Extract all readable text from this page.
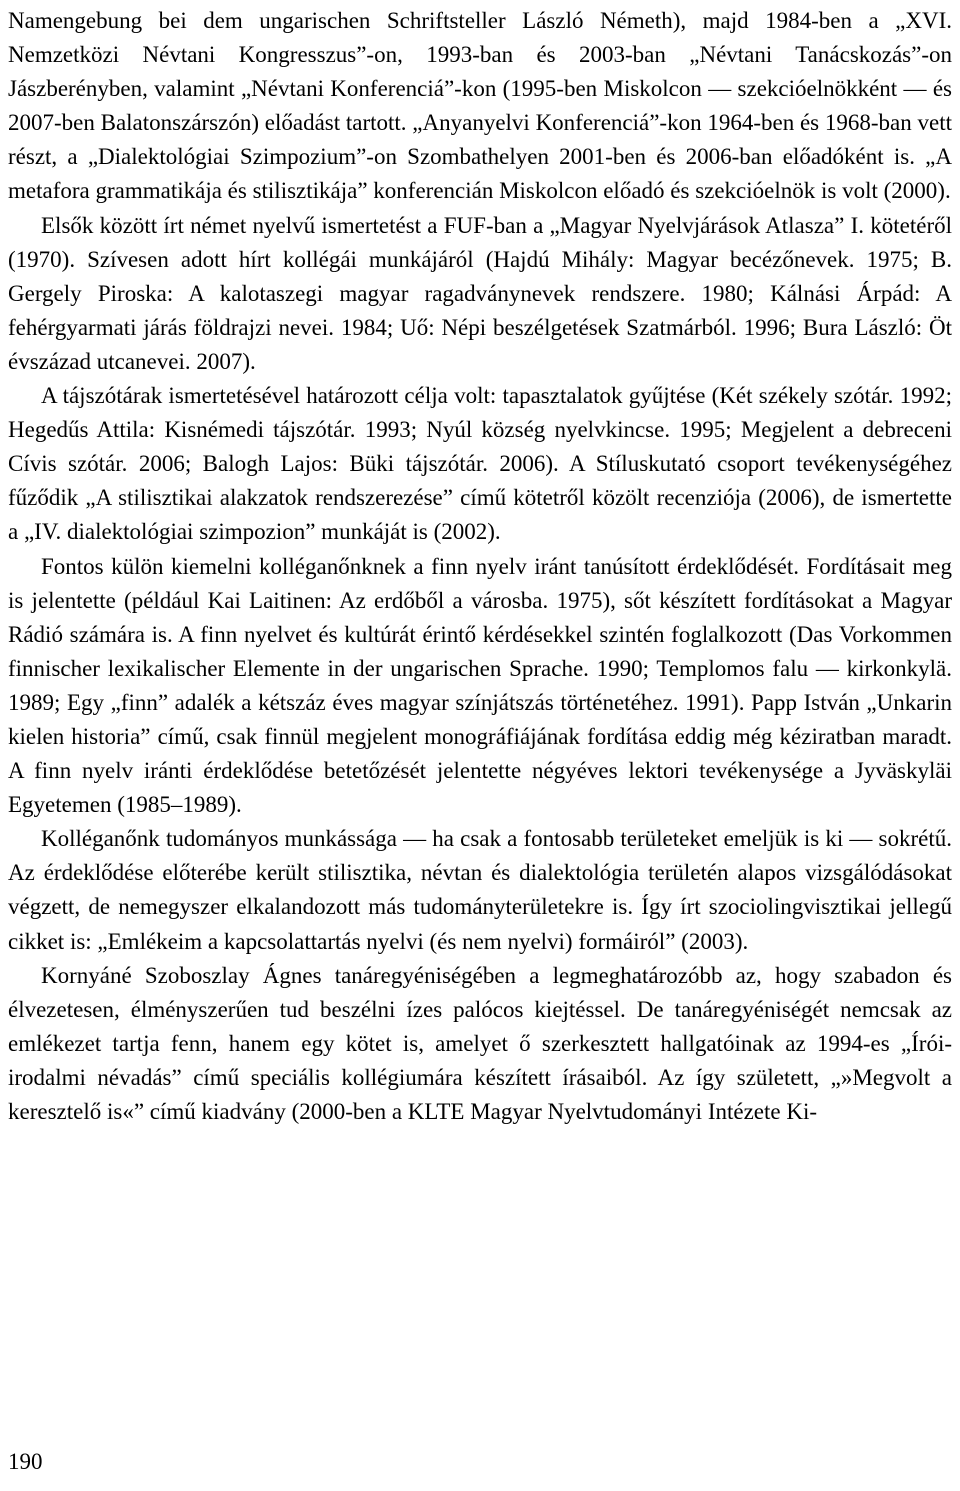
Namengebung bei dem ungarischen Schriftsteller László Németh), majd 1984-ben a „XVI. Nemzetközi Névtani Kongresszus”-on, 1993-ban és 2003-ban „Névtani Tanácskozás”-on Jászberényben, valamint „Névtani Konferenciá”-kon (1995-ben Miskolcon — szekcióelnökként — és 2007-ben Balatonszárszón) előadást tartott. „Anyanyelvi Konferenciá”-kon 1964-ben és 1968-ban vett részt, a „Dialektológiai Szimpozium”-on Szombathelyen 2001-ben és 2006-ban előadóként is. „A metafora grammatikája és stilisztikája” konferencián Miskolcon előadó és szekcióelnök is volt (2000).

Elsők között írt német nyelvű ismertetést a FUF-ban a „Magyar Nyelvjárások Atlasza” I. kötetéről (1970). Szívesen adott hírt kollégái munkájáról (Hajdú Mihály: Magyar becézőnevek. 1975; B. Gergely Piroska: A kalotaszegi magyar ragadványnevek rendszere. 1980; Kálnási Árpád: A fehérgyarmati járás földrajzi nevei. 1984; Uő: Népi beszélgetések Szatmárból. 1996; Bura László: Öt évszázad utcanevei. 2007).

A tájszótárak ismertetésével határozott célja volt: tapasztalatok gyűjtése (Két székely szótár. 1992; Hegedűs Attila: Kisnémedi tájszótár. 1993; Nyúl község nyelvkincse. 1995; Megjelent a debreceni Cívis szótár. 2006; Balogh Lajos: Büki tájszótár. 2006). A Stíluskutató csoport tevékenységéhez fűződik „A stilisztikai alakzatok rendszerezése” című kötetről közölt recenziója (2006), de ismertette a „IV. dialektológiai szimpozion” munkáját is (2002).

Fontos külön kiemelni kolléganőnknek a finn nyelv iránt tanúsított érdeklődését. Fordításait meg is jelentette (például Kai Laitinen: Az erdőből a városba. 1975), sőt készített fordításokat a Magyar Rádió számára is. A finn nyelvet és kultúrát érintő kérdésekkel szintén foglalkozott (Das Vorkommen finnischer lexikalischer Elemente in der ungarischen Sprache. 1990; Templomos falu — kirkonkylä. 1989; Egy „finn” adalék a kétszáz éves magyar színjátszás történetéhez. 1991). Papp István „Unkarin kielen historia” című, csak finnül megjelent monográfiájának fordítása eddig még kéziratban maradt. A finn nyelv iránti érdeklődése betetőzését jelentette négyéves lektori tevékenysége a Jyväskyläi Egyetemen (1985–1989).

Kolléganőnk tudományos munkássága — ha csak a fontosabb területeket emeljük is ki — sokrétű. Az érdeklődése előterébe került stilisztika, névtan és dialektológia területén alapos vizsgálódásokat végzett, de nemegyszer elkalandozott más tudományterületekre is. Így írt szociolingvisztikai jellegű cikket is: „Emlékeim a kapcsolattartás nyelvi (és nem nyelvi) formáiról” (2003).

Kornyáné Szoboszlay Ágnes tanáregyéniségében a legmeghatározóbb az, hogy szabadon és élvezetesen, élményszerűen tud beszélni ízes palócos kiejtéssel. De tanáregyéniségét nemcsak az emlékezet tartja fenn, hanem egy kötet is, amelyet ő szerkesztett hallgatóinak az 1994-es „Írói-irodalmi névadás” című speciális kollégiumára készített írásaiból. Az így született, „»Megvolt a keresztelő is«” című kiadvány (2000-ben a KLTE Magyar Nyelvtudományi Intézete Ki-

190
